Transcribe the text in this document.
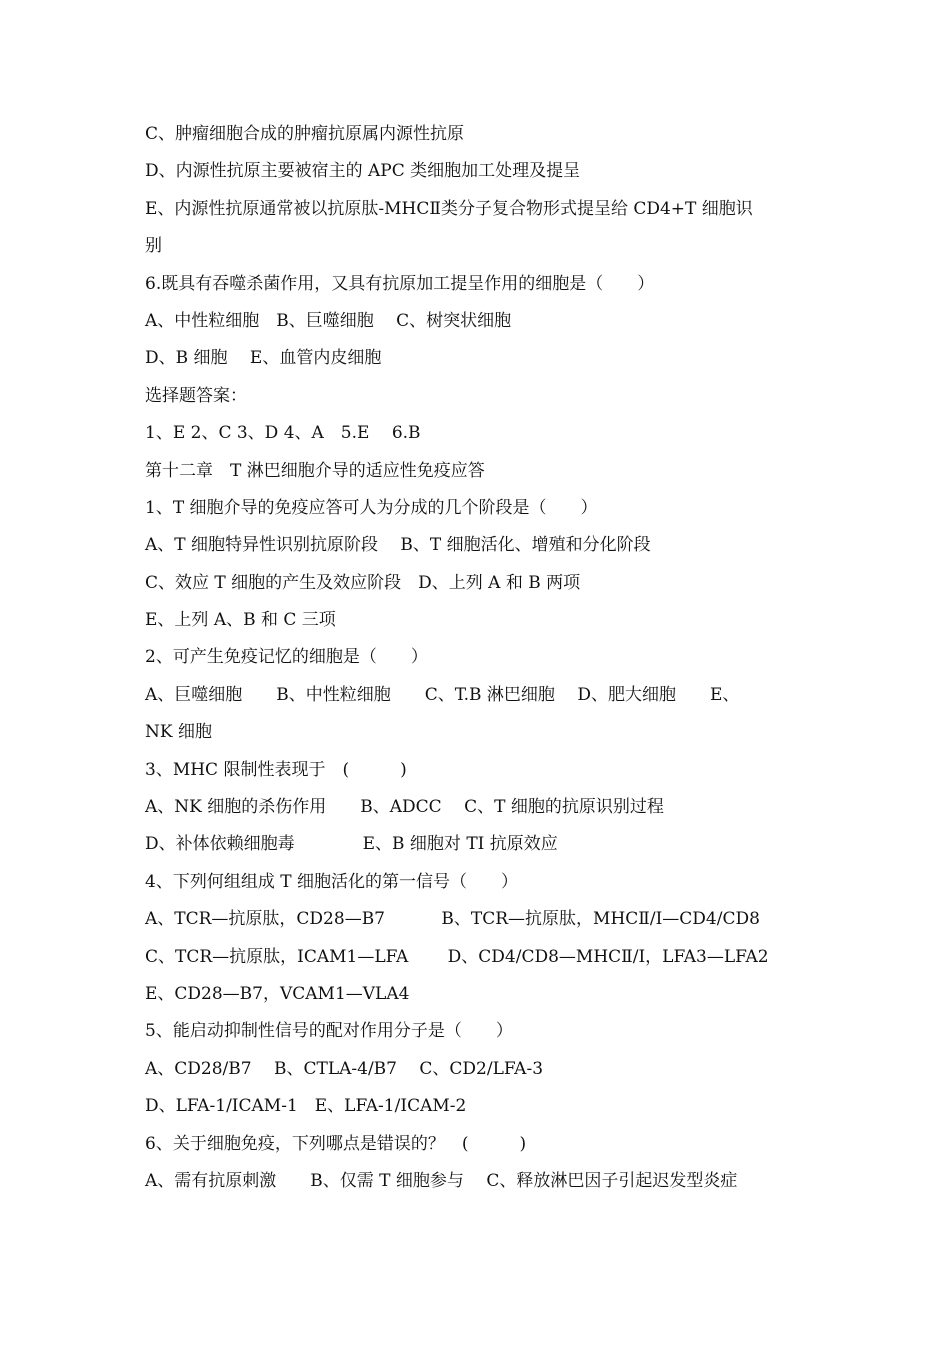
C、肿瘤细胞合成的肿瘤抗原属内源性抗原
D、内源性抗原主要被宿主的 APC 类细胞加工处理及提呈
E、内源性抗原通常被以抗原肽-MHCⅡ类分子复合物形式提呈给 CD4+T 细胞识
别
6.既具有吞噬杀菌作用，又具有抗原加工提呈作用的细胞是（　　）
A、中性粒细胞　B、巨噬细胞　 C、树突状细胞
D、B 细胞　 E、血管内皮细胞
选择题答案：
1、E 2、C 3、D 4、A　5.E　 6.B
第十二章　T 淋巴细胞介导的适应性免疫应答
1、T 细胞介导的免疫应答可人为分成的几个阶段是（　　）
A、T 细胞特异性识别抗原阶段　 B、T 细胞活化、增殖和分化阶段
C、效应 T 细胞的产生及效应阶段　D、上列 A 和 B 两项
E、上列 A、B 和 C 三项
2、可产生免疫记忆的细胞是（　　）
A、巨噬细胞　　B、中性粒细胞　　C、T.B 淋巴细胞　 D、肥大细胞　　E、
NK 细胞
3、MHC 限制性表现于　(　　　)
A、NK 细胞的杀伤作用　　B、ADCC　 C、T 细胞的抗原识别过程
D、补体依赖细胞毒　　　　E、B 细胞对 TI 抗原效应
4、下列何组组成 T 细胞活化的第一信号（　　）
A、TCR—抗原肽，CD28—B7　　　 B、TCR—抗原肽，MHCⅡ/Ⅰ—CD4/CD8
C、TCR—抗原肽，ICAM1—LFA　　 D、CD4/CD8—MHCⅡ/Ⅰ，LFA3—LFA2
E、CD28—B7，VCAM1—VLA4
5、能启动抑制性信号的配对作用分子是（　　）
A、CD28/B7　 B、CTLA-4/B7　 C、CD2/LFA-3
D、LFA-1/ICAM-1　E、LFA-1/ICAM-2
6、关于细胞免疫，下列哪点是错误的？　(　　　)
A、需有抗原刺激　　B、仅需 T 细胞参与　 C、释放淋巴因子引起迟发型炎症
